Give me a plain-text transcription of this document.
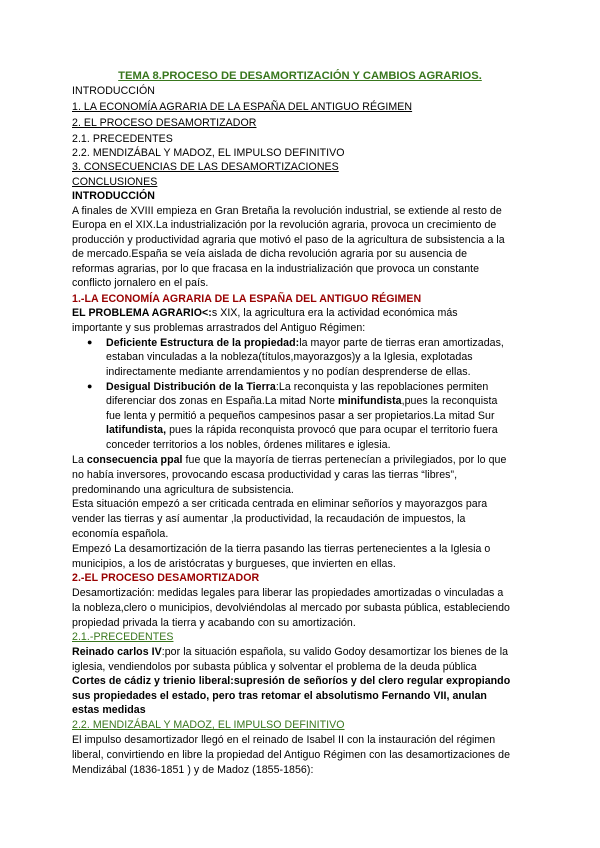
TEMA 8.PROCESO DE DESAMORTIZACIÓN Y CAMBIOS AGRARIOS.
INTRODUCCIÓN
1. LA ECONOMÍA AGRARIA DE LA ESPAÑA DEL ANTIGUO RÉGIMEN
2. EL PROCESO DESAMORTIZADOR
2.1. PRECEDENTES
2.2. MENDIZÁBAL Y MADOZ, EL IMPULSO DEFINITIVO
3. CONSECUENCIAS DE LAS DESAMORTIZACIONES
CONCLUSIONES
INTRODUCCIÓN
A finales de XVIII empieza en Gran Bretaña la revolución industrial, se extiende al resto de
Europa en el XIX.La industrialización por la revolución agraria, provoca un crecimiento de
producción y productividad agraria que motivó el paso de la agricultura de subsistencia a la
de mercado.España se veía aislada de dicha revolución agraria por su ausencia de
reformas agrarias, por lo que fracasa en la industrialización que provoca un constante
conflicto jornalero en el país.
1.-LA ECONOMÍA AGRARIA DE LA ESPAÑA DEL ANTIGUO RÉGIMEN
EL PROBLEMA AGRARIO<:s XIX, la agricultura era la actividad económica más
importante y sus problemas arrastrados del Antiguo Régimen:
● Deficiente Estructura de la propiedad:la mayor parte de tierras eran amortizadas,
estaban vinculadas a la nobleza(títulos,mayorazgos)y a la Iglesia, explotadas
indirectamente mediante arrendamientos y no podían desprenderse de ellas.
● Desigual Distribución de la Tierra:La reconquista y las repoblaciones permiten
diferenciar dos zonas en España.La mitad Norte minifundista,pues la reconquista
fue lenta y permitió a pequeños campesinos pasar a ser propietarios.La mitad Sur
latifundista, pues la rápida reconquista provocó que para ocupar el territorio fuera
conceder territorios a los nobles, órdenes militares e iglesia.
La consecuencia ppal fue que la mayoría de tierras pertenecían a privilegiados, por lo que
no había inversores, provocando escasa productividad y caras las tierras “libres”,
predominando una agricultura de subsistencia.
Esta situación empezó a ser criticada centrada en eliminar señoríos y mayorazgos para
vender las tierras y así aumentar ,la productividad, la recaudación de impuestos, la
economía española.
Empezó La desamortización de la tierra pasando las tierras pertenecientes a la Iglesia o
municipios, a los de aristócratas y burgueses, que invierten en ellas.
2.-EL PROCESO DESAMORTIZADOR
Desamortización: medidas legales para liberar las propiedades amortizadas o vinculadas a
la nobleza,clero o municipios, devolviéndolas al mercado por subasta pública, estableciendo
propiedad privada la tierra y acabando con su amortización.
2.1.-PRECEDENTES
Reinado carlos IV:por la situación española, su valido Godoy desamortizar los bienes de la
iglesia, vendiendolos por subasta pública y solventar el problema de la deuda pública
Cortes de cádiz y trienio liberal:supresión de señoríos y del clero regular expropiando
sus propiedades el estado, pero tras retomar el absolutismo Fernando VII, anulan
estas medidas
2.2. MENDIZÁBAL Y MADOZ, EL IMPULSO DEFINITIVO
El impulso desamortizador llegó en el reinado de Isabel II con la instauración del régimen
liberal, convirtiendo en libre la propiedad del Antiguo Régimen con las desamortizaciones de
Mendizábal (1836-1851 ) y de Madoz (1855-1856):
